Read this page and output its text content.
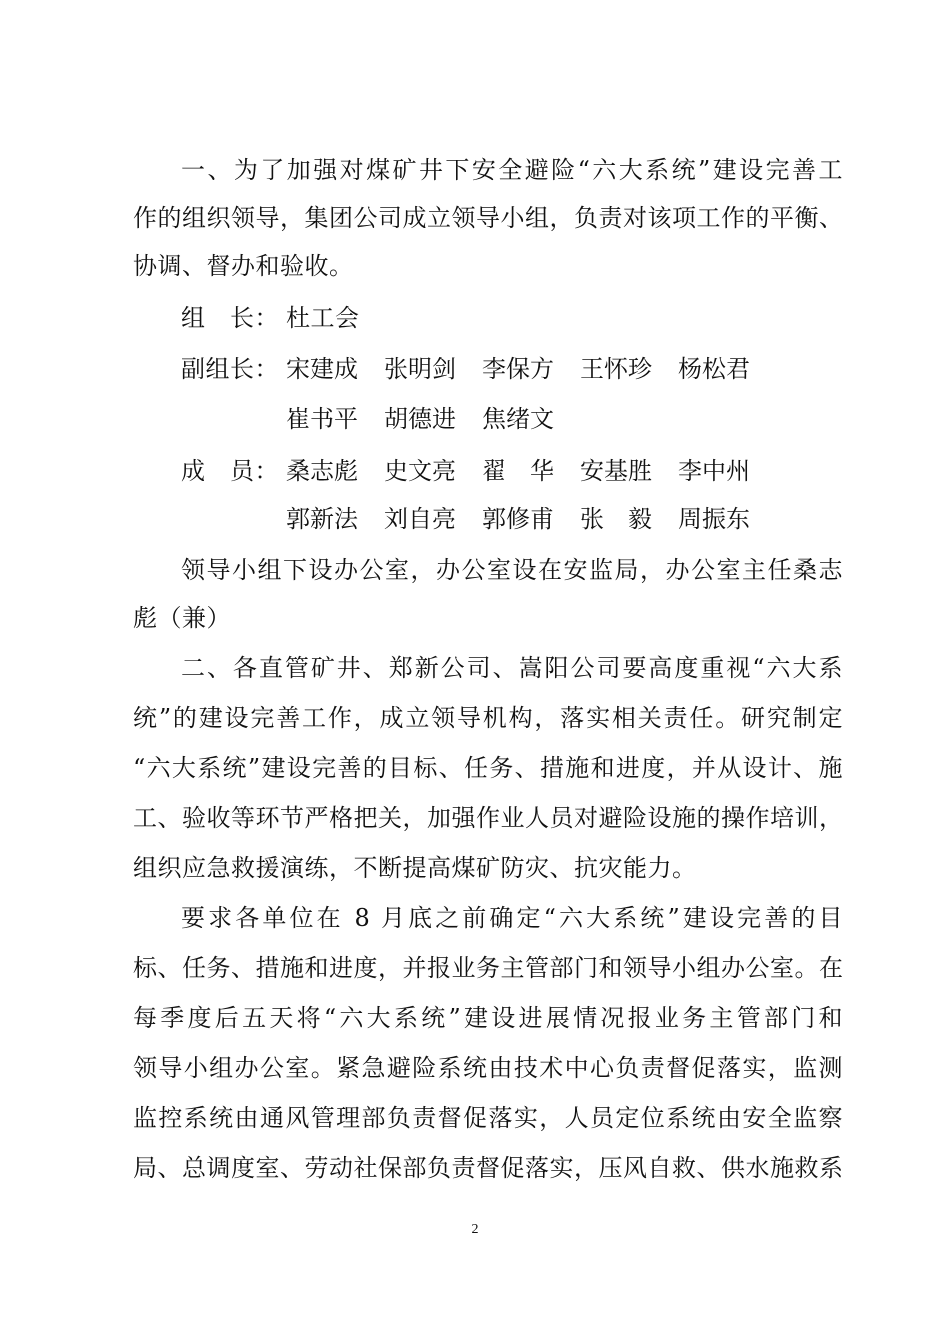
一、为了加强对煤矿井下安全避险“六大系统”建设完善工
作的组织领导，集团公司成立领导小组，负责对该项工作的平衡、
协调、督办和验收。
组　长： 杜工会
副组长： 宋建成 张明剑 李保方 王怀珍 杨松君
崔书平 胡德进 焦绪文
成　员： 桑志彪 史文亮 翟　华 安基胜 李中州
郭新法 刘自亮 郭修甫 张　毅 周振东
领导小组下设办公室，办公室设在安监局，办公室主任桑志
彪（兼）
二、各直管矿井、郑新公司、嵩阳公司要高度重视“六大系
统”的建设完善工作，成立领导机构，落实相关责任。研究制定
“六大系统”建设完善的目标、任务、措施和进度，并从设计、施
工、验收等环节严格把关，加强作业人员对避险设施的操作培训，
组织应急救援演练，不断提高煤矿防灾、抗灾能力。
要求各单位在 8 月底之前确定“六大系统”建设完善的目
标、任务、措施和进度，并报业务主管部门和领导小组办公室。在
每季度后五天将“六大系统”建设进展情况报业务主管部门和
领导小组办公室。紧急避险系统由技术中心负责督促落实，监测
监控系统由通风管理部负责督促落实，人员定位系统由安全监察
局、总调度室、劳动社保部负责督促落实，压风自救、供水施救系
2
